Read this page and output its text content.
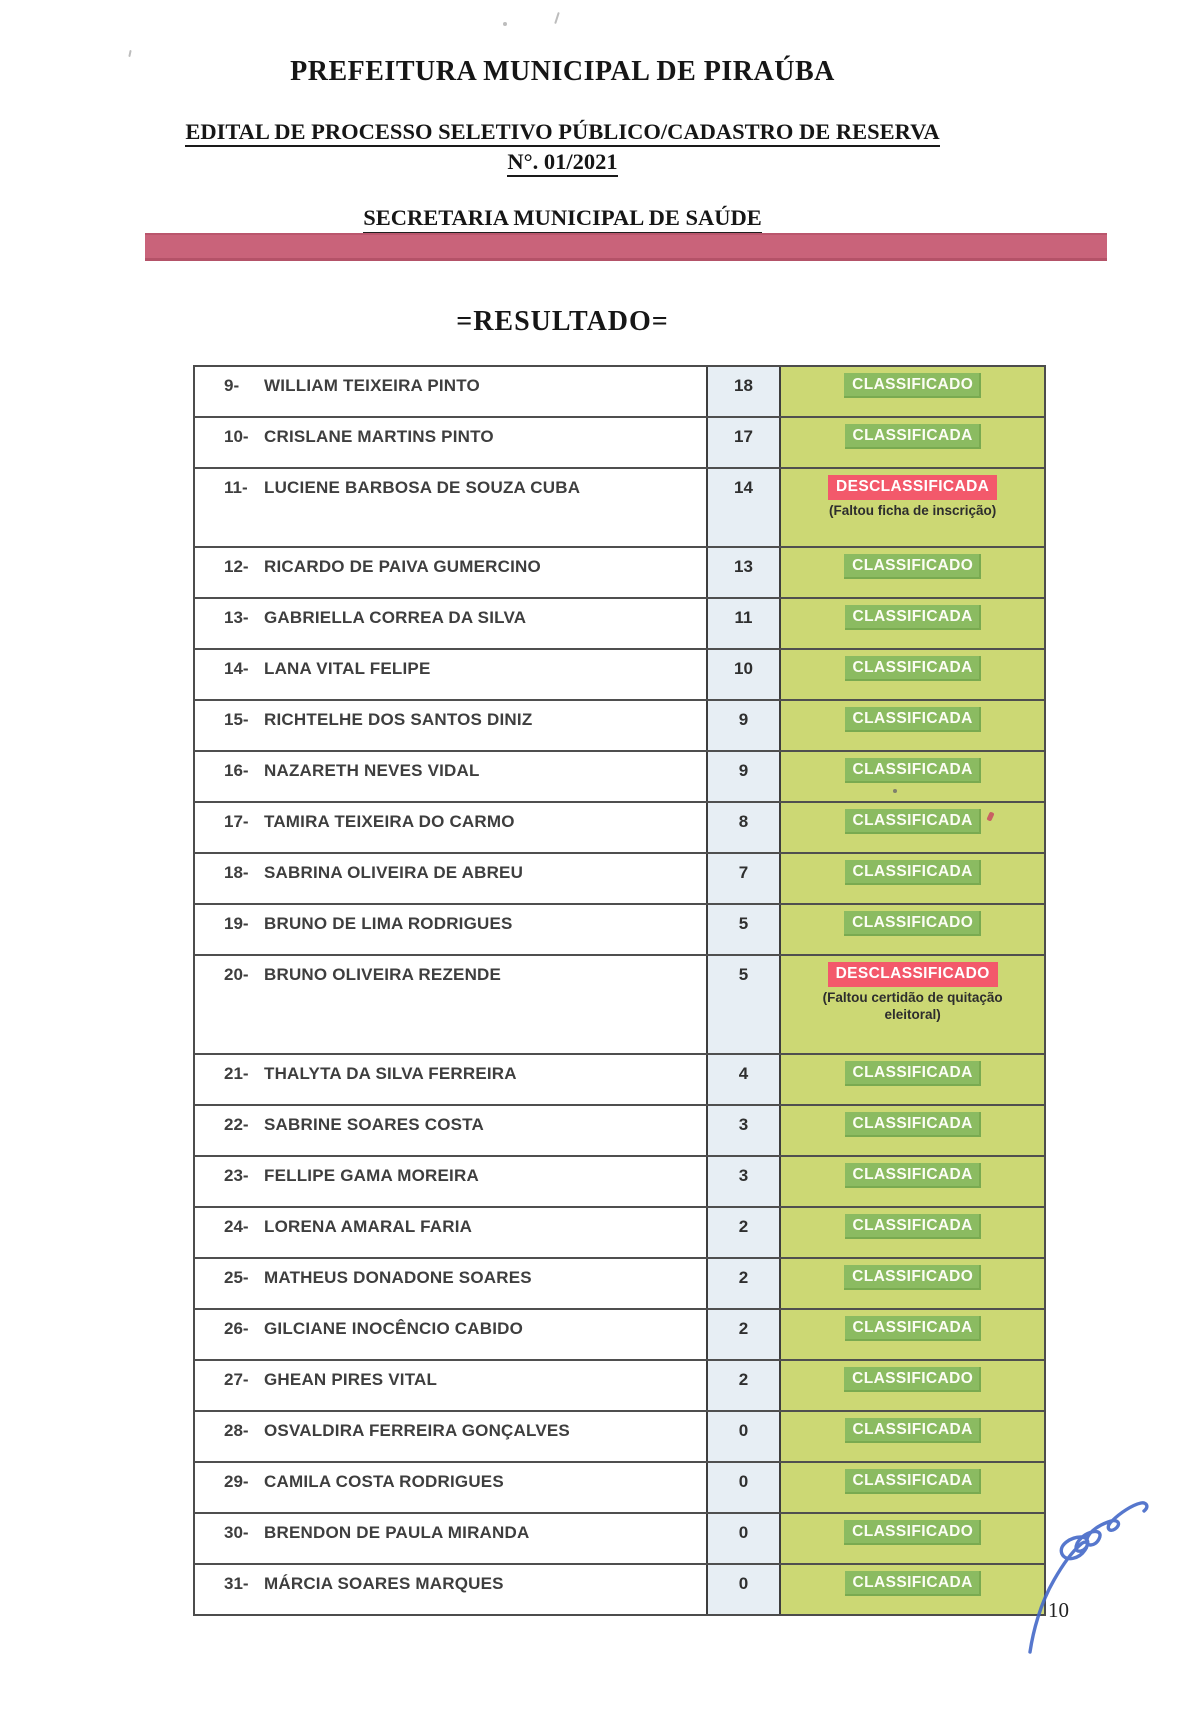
PREFEITURA MUNICIPAL DE PIRAÚBA
EDITAL DE PROCESSO SELETIVO PÚBLICO/CADASTRO DE RESERVA
N°. 01/2021
SECRETARIA MUNICIPAL DE SAÚDE
=RESULTADO=
9-	WILLIAM TEIXEIRA PINTO	18	CLASSIFICADO
10- CRISLANE MARTINS PINTO	17	CLASSIFICADA
11- LUCIENE BARBOSA DE SOUZA CUBA	14	DESCLASSIFICADA
(Faltou ficha de inscrição)
12- RICARDO DE PAIVA GUMERCINO	13	CLASSIFICADO
13- GABRIELLA CORREA DA SILVA	11	CLASSIFICADA
14- LANA VITAL FELIPE	10	CLASSIFICADA
15- RICHTELHE DOS SANTOS DINIZ	9	CLASSIFICADA
16- NAZARETH NEVES VIDAL	9	CLASSIFICADA
17- TAMIRA TEIXEIRA DO CARMO	8	CLASSIFICADA
18- SABRINA OLIVEIRA DE ABREU	7	CLASSIFICADA
19- BRUNO DE LIMA RODRIGUES	5	CLASSIFICADO
20- BRUNO OLIVEIRA REZENDE	5	DESCLASSIFICADO
(Faltou certidão de quitação eleitoral)
21- THALYTA DA SILVA FERREIRA	4	CLASSIFICADA
22- SABRINE SOARES COSTA	3	CLASSIFICADA
23- FELLIPE GAMA MOREIRA	3	CLASSIFICADA
24- LORENA AMARAL FARIA	2	CLASSIFICADA
25- MATHEUS DONADONE SOARES	2	CLASSIFICADO
26- GILCIANE INOCÊNCIO CABIDO	2	CLASSIFICADA
27- GHEAN PIRES VITAL	2	CLASSIFICADO
28- OSVALDIRA FERREIRA GONÇALVES	0	CLASSIFICADA
29- CAMILA COSTA RODRIGUES	0	CLASSIFICADA
30- BRENDON DE PAULA MIRANDA	0	CLASSIFICADO
31- MÁRCIA SOARES MARQUES	0	CLASSIFICADA
10
